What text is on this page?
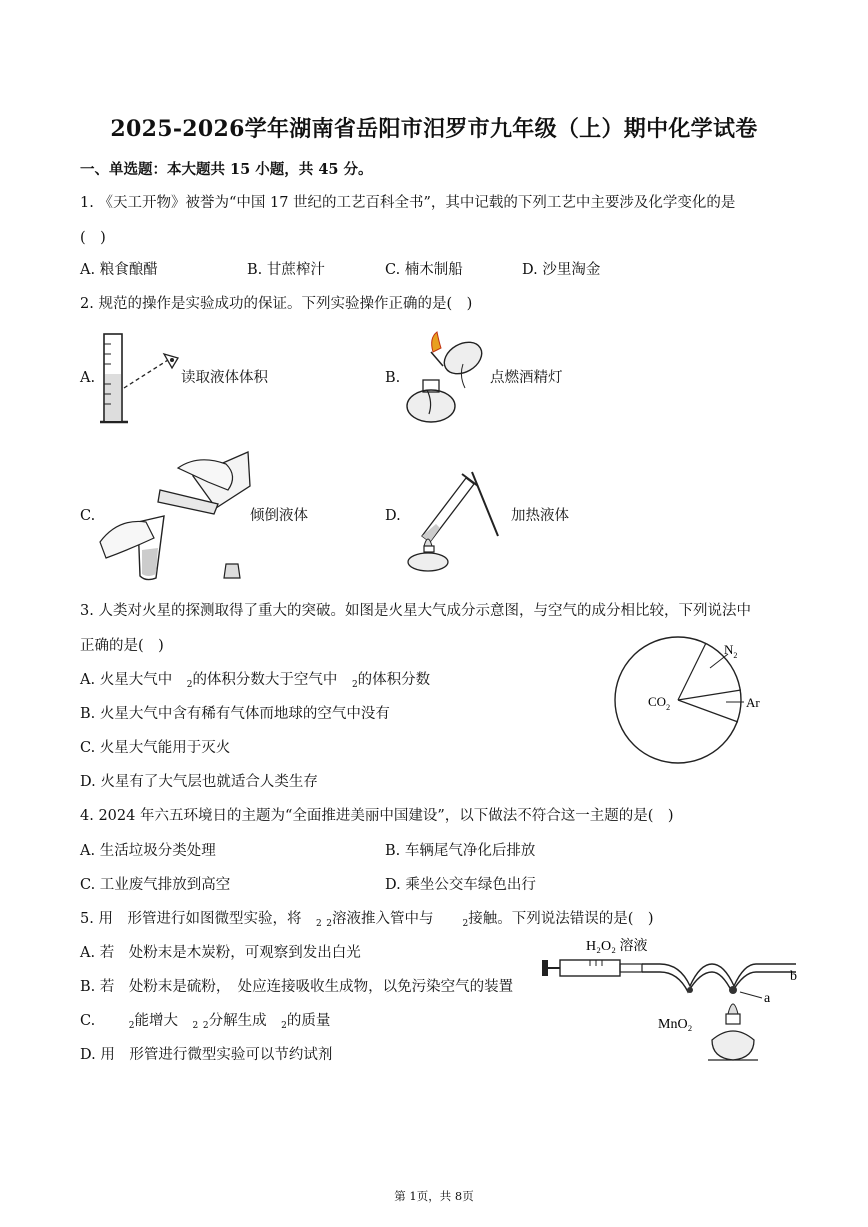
2025-2026学年湖南省岳阳市汨罗市九年级（上）期中化学试卷
一、单选题：本大题共 15 小题，共 45 分。
1. 《天工开物》被誉为“中国 17 世纪的工艺百科全书”，其中记载的下列工艺中主要涉及化学变化的是
(　)
A. 粮食酿醋	B. 甘蔗榨汁	C. 楠木制船	D. 沙里淘金
2. 规范的操作是实验成功的保证。下列实验操作正确的是(　)
A.	读取液体体积	B.	点燃酒精灯
C.	倾倒液体	D.	加热液体
3. 人类对火星的探测取得了重大的突破。如图是火星大气成分示意图，与空气的成分相比较，下列说法中
正确的是(　)
A. 火星大气中　$_2$的体积分数大于空气中　$_2$的体积分数
B. 火星大气中含有稀有气体而地球的空气中没有
C. 火星大气能用于灭火
D. 火星有了大气层也就适合人类生存
$N_2$
$CO_2$	Ar
4. 2024 年六五环境日的主题为“全面推进美丽中国建设”，以下做法不符合这一主题的是(　)
A. 生活垃圾分类处理	B. 车辆尾气净化后排放
C. 工业废气排放到高空	D. 乘坐公交车绿色出行
5. 用　形管进行如图微型实验，将　$_2$ $_2$溶液推入管中与　　$_2$接触。下列说法错误的是(　)
A. 若　处粉末是木炭粉，可观察到发出白光
B. 若　处粉末是硫粉，　处应连接吸收生成物，以免污染空气的装置
C. 　　$_2$能增大　$_2$ $_2$分解生成　$_2$的质量
D. 用　形管进行微型实验可以节约试剂
H₂O₂ 溶液
b
a
MnO₂
第 1页，共 8页
